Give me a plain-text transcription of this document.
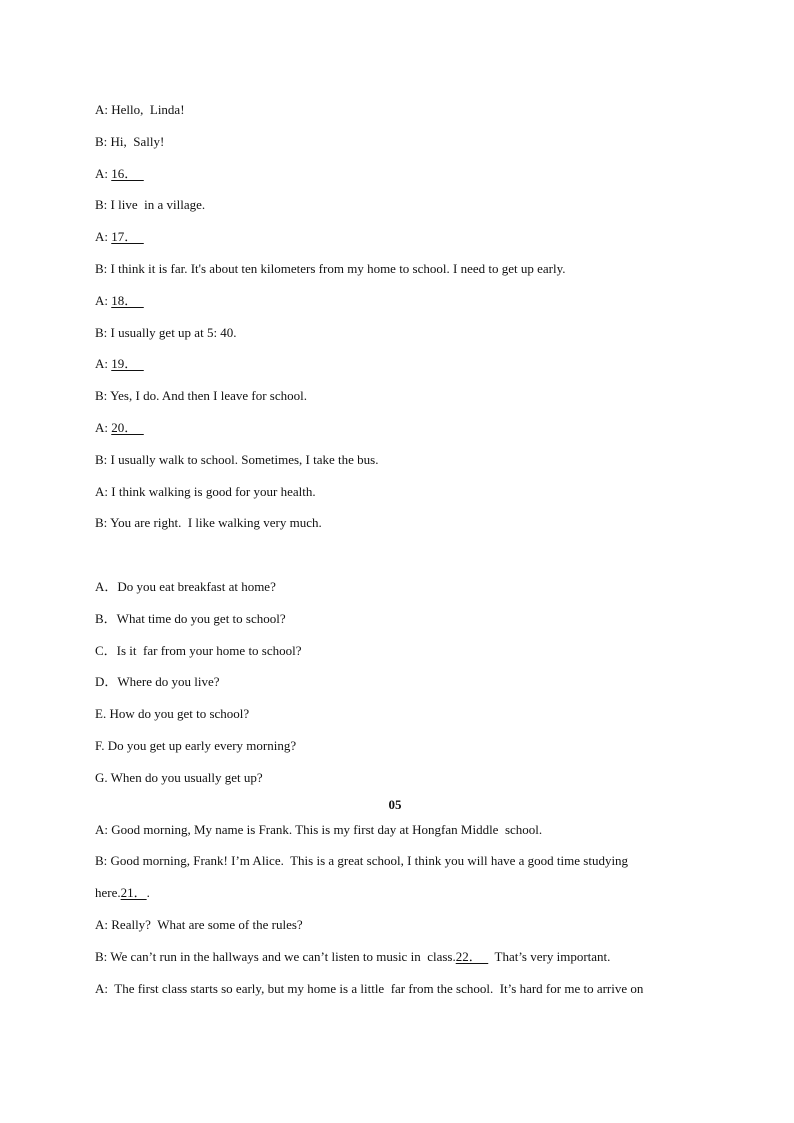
A: Hello,  Linda!
B: Hi,  Sally!
A: 16．
B: I live  in a village.
A: 17．
B: I think it is far. It's about ten kilometers from my home to school. I need to get up early.
A: 18．
B: I usually get up at 5: 40.
A: 19．
B: Yes, I do. And then I leave for school.
A: 20．
B: I usually walk to school. Sometimes, I take the bus.
A: I think walking is good for your health.
B: You are right.  I like walking very much.
A．Do you eat breakfast at home?
B．What time do you get to school?
C．Is it  far from your home to school?
D．Where do you live?
E. How do you get to school?
F. Do you get up early every morning?
G. When do you usually get up?
05
A: Good morning, My name is Frank. This is my first day at Hongfan Middle  school.
B: Good morning, Frank! I’m Alice.  This is a great school, I think you will have a good time studying
here.21．.
A: Really?  What are some of the rules?
B: We can’t run in the hallways and we can’t listen to music in  class.22．    That’s very important.
A:  The first class starts so early, but my home is a little  far from the school.  It’s hard for me to arrive on
